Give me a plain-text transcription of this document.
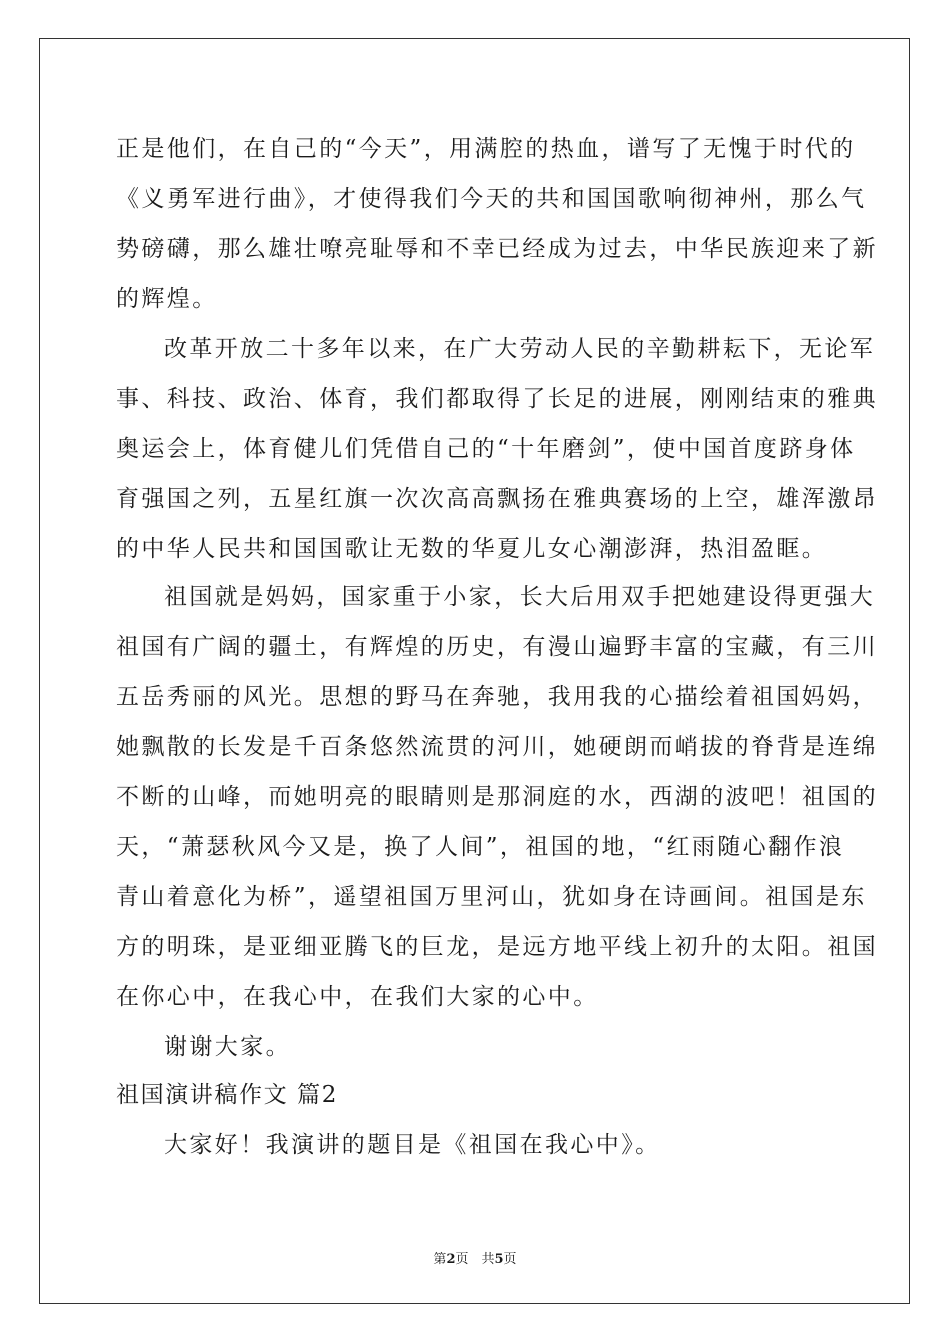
正是他们，在自己的“今天”，用满腔的热血，谱写了无愧于时代的
《义勇军进行曲》，才使得我们今天的共和国国歌响彻神州，那么气
势磅礴，那么雄壮嘹亮耻辱和不幸已经成为过去，中华民族迎来了新
的辉煌。
改革开放二十多年以来，在广大劳动人民的辛勤耕耘下，无论军
事、科技、政治、体育，我们都取得了长足的进展，刚刚结束的雅典
奥运会上，体育健儿们凭借自己的“十年磨剑”，使中国首度跻身体
育强国之列，五星红旗一次次高高飘扬在雅典赛场的上空，雄浑激昂
的中华人民共和国国歌让无数的华夏儿女心潮澎湃，热泪盈眶。
祖国就是妈妈，国家重于小家，长大后用双手把她建设得更强大
祖国有广阔的疆土，有辉煌的历史，有漫山遍野丰富的宝藏，有三川
五岳秀丽的风光。思想的野马在奔驰，我用我的心描绘着祖国妈妈，
她飘散的长发是千百条悠然流贯的河川，她硬朗而峭拔的脊背是连绵
不断的山峰，而她明亮的眼睛则是那洞庭的水，西湖的波吧！祖国的
天，“萧瑟秋风今又是，换了人间”，祖国的地，“红雨随心翻作浪
青山着意化为桥”，遥望祖国万里河山，犹如身在诗画间。祖国是东
方的明珠，是亚细亚腾飞的巨龙，是远方地平线上初升的太阳。祖国
在你心中，在我心中，在我们大家的心中。
谢谢大家。
祖国演讲稿作文 篇2
大家好！我演讲的题目是《祖国在我心中》。
第2页　共5页
